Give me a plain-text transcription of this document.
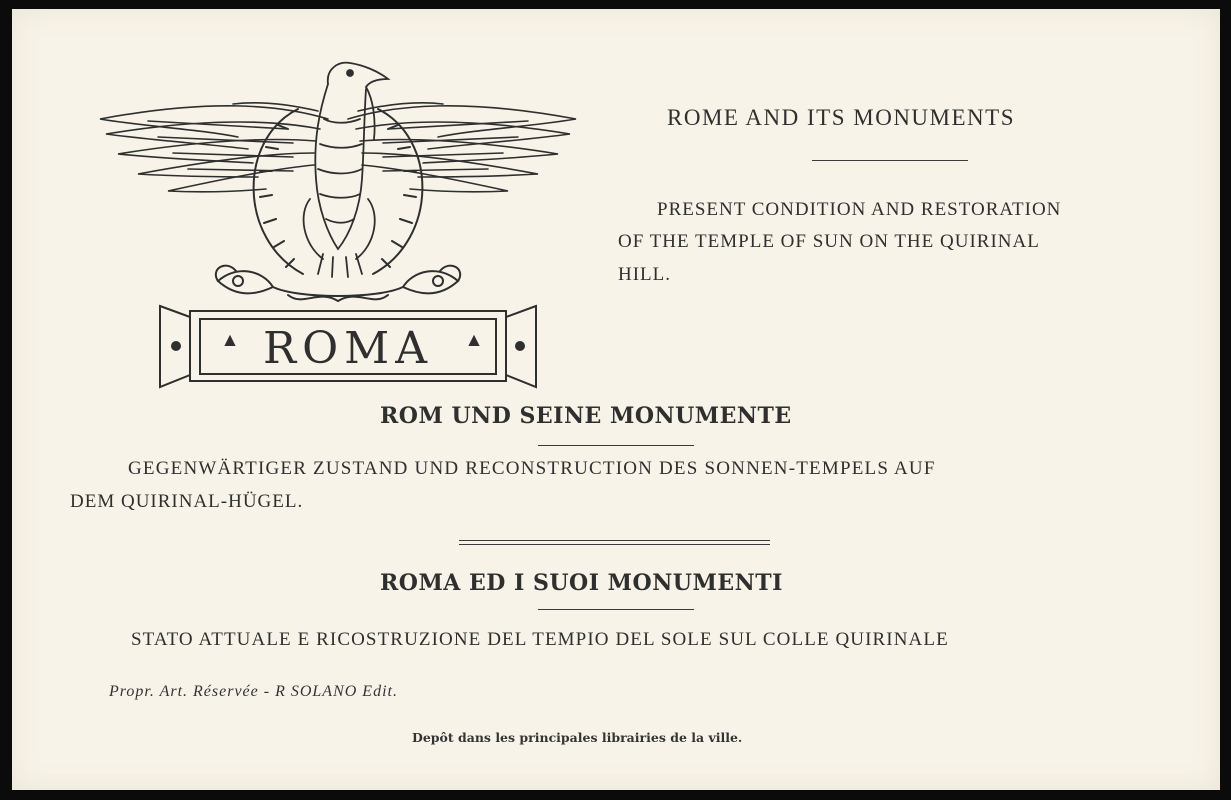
ROMA
ROME AND ITS MONUMENTS
PRESENT CONDITION AND RESTORATION
OF THE TEMPLE OF SUN ON THE QUIRINAL
HILL.
ROM UND SEINE MONUMENTE
GEGENWÄRTIGER ZUSTAND UND RECONSTRUCTION DES SONNEN-TEMPELS AUF
DEM QUIRINAL-HÜGEL.
ROMA ED I SUOI MONUMENTI
STATO ATTUALE E RICOSTRUZIONE DEL TEMPIO DEL SOLE SUL COLLE QUIRINALE
Propr. Art. Réservée - R SOLANO Edit.
Depôt dans les principales librairies de la ville.
